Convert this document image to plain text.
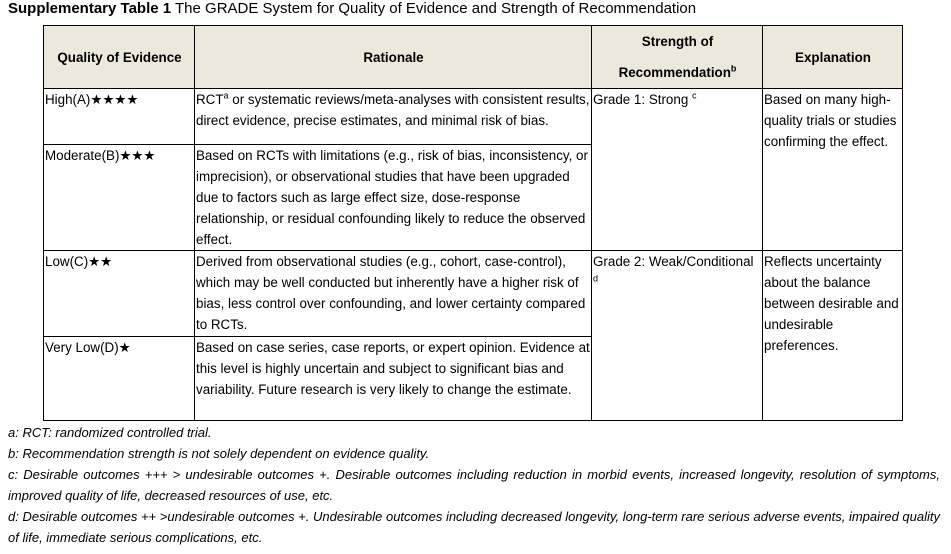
Supplementary Table 1 The GRADE System for Quality of Evidence and Strength of Recommendation
Quality of Evidence	Rationale	Strength of Recommendation$^b$	Explanation
High(A)★★★★	RCT$^a$ or systematic reviews/meta-analyses with consistent results, direct evidence, precise estimates, and minimal risk of bias.	Grade 1: Strong $^c$	Based on many high-quality trials or studies confirming the effect.
Moderate(B)★★★	Based on RCTs with limitations (e.g., risk of bias, inconsistency, or imprecision), or observational studies that have been upgraded due to factors such as large effect size, dose-response relationship, or residual confounding likely to reduce the observed effect.		
Low(C)★★	Derived from observational studies (e.g., cohort, case-control), which may be well conducted but inherently have a higher risk of bias, less control over confounding, and lower certainty compared to RCTs.	Grade 2: Weak/Conditional $^d$	Reflects uncertainty about the balance between desirable and undesirable preferences.
Very Low(D)★	Based on case series, case reports, or expert opinion. Evidence at this level is highly uncertain and subject to significant bias and variability. Future research is very likely to change the estimate.		

a: RCT: randomized controlled trial.

b: Recommendation strength is not solely dependent on evidence quality.

c: Desirable outcomes +++ > undesirable outcomes +. Desirable outcomes including reduction in morbid events, increased longevity, resolution of symptoms, improved quality of life, decreased resources of use, etc.

d: Desirable outcomes ++ >undesirable outcomes +. Undesirable outcomes including decreased longevity, long-term rare serious adverse events, impaired quality of life, immediate serious complications, etc.
